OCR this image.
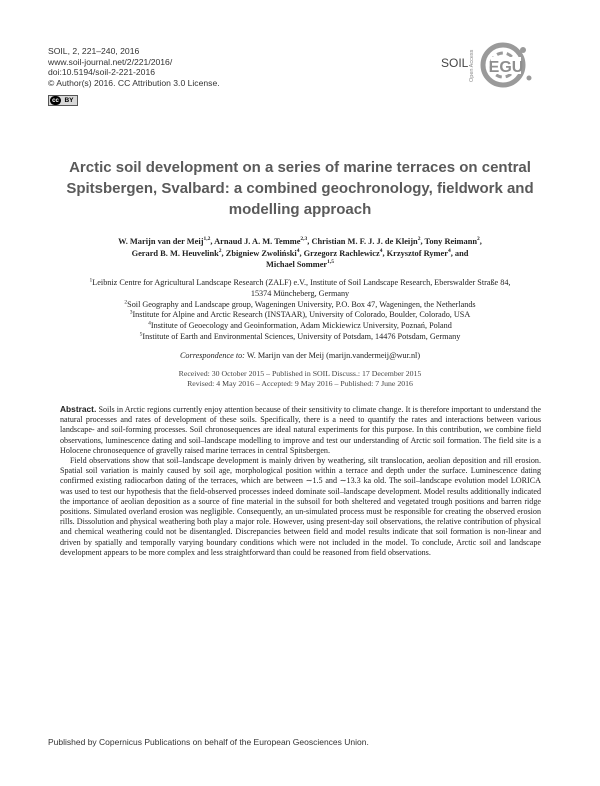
SOIL, 2, 221–240, 2016
www.soil-journal.net/2/221/2016/
doi:10.5194/soil-2-221-2016
© Author(s) 2016. CC Attribution 3.0 License.
cc BY
SOIL Open Access EGU
Arctic soil development on a series of marine terraces on central Spitsbergen, Svalbard: a combined geochronology, fieldwork and modelling approach
W. Marijn van der Meij$^{1,2}$, Arnaud J. A. M. Temme$^{2,3}$, Christian M. F. J. J. de Kleijn$^2$, Tony Reimann$^2$,
Gerard B. M. Heuvelink$^2$, Zbigniew Zwoliński$^4$, Grzegorz Rachlewicz$^4$, Krzysztof Rymer$^4$, and
Michael Sommer$^{1,5}$
$^1$Leibniz Centre for Agricultural Landscape Research (ZALF) e.V., Institute of Soil Landscape Research, Eberswalder Straße 84, 15374 Müncheberg, Germany
$^2$Soil Geography and Landscape group, Wageningen University, P.O. Box 47, Wageningen, the Netherlands
$^3$Institute for Alpine and Arctic Research (INSTAAR), University of Colorado, Boulder, Colorado, USA
$^4$Institute of Geoecology and Geoinformation, Adam Mickiewicz University, Poznań, Poland
$^5$Institute of Earth and Environmental Sciences, University of Potsdam, 14476 Potsdam, Germany
Correspondence to: W. Marijn van der Meij (marijn.vandermeij@wur.nl)
Received: 30 October 2015 – Published in SOIL Discuss.: 17 December 2015
Revised: 4 May 2016 – Accepted: 9 May 2016 – Published: 7 June 2016

Abstract. Soils in Arctic regions currently enjoy attention because of their sensitivity to climate change. It is therefore important to understand the natural processes and rates of development of these soils. Specifically, there is a need to quantify the rates and interactions between various landscape- and soil-forming processes. Soil chronosequences are ideal natural experiments for this purpose. In this contribution, we combine field observations, luminescence dating and soil–landscape modelling to improve and test our understanding of Arctic soil formation. The field site is a Holocene chronosequence of gravelly raised marine terraces in central Spitsbergen.

Field observations show that soil–landscape development is mainly driven by weathering, silt translocation, aeolian deposition and rill erosion. Spatial soil variation is mainly caused by soil age, morphological position within a terrace and depth under the surface. Luminescence dating confirmed existing radiocarbon dating of the terraces, which are between ∼1.5 and ∼13.3 ka old. The soil–landscape evolution model LORICA was used to test our hypothesis that the field-observed processes indeed dominate soil–landscape development. Model results additionally indicated the importance of aeolian deposition as a source of fine material in the subsoil for both sheltered and vegetated trough positions and barren ridge positions. Simulated overland erosion was negligible. Consequently, an un-simulated process must be responsible for creating the observed erosion rills. Dissolution and physical weathering both play a major role. However, using present-day soil observations, the relative contribution of physical and chemical weathering could not be disentangled. Discrepancies between field and model results indicate that soil formation is non-linear and driven by spatially and temporally varying boundary conditions which were not included in the model. To conclude, Arctic soil and landscape development appears to be more complex and less straightforward than could be reasoned from field observations.

Published by Copernicus Publications on behalf of the European Geosciences Union.
